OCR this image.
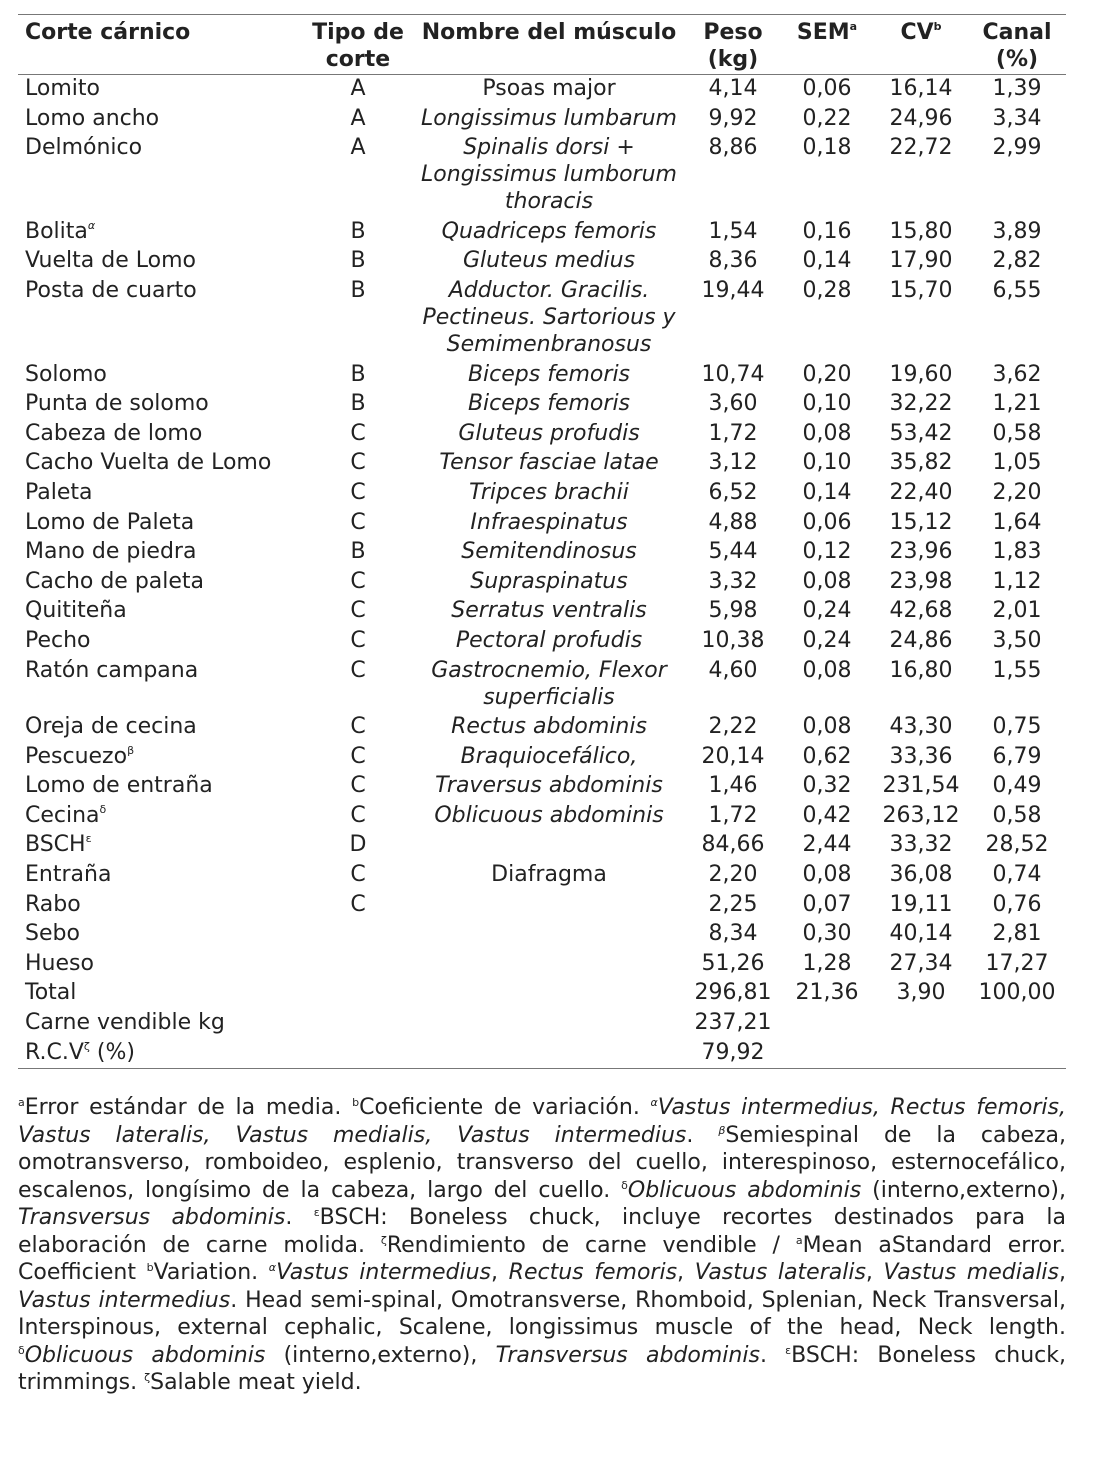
Corte cárnico	Tipo de corte	Nombre del músculo	Peso (kg)	SEM$^a$	$CV^b$	Canal (%)
Lomito	A	Psoas major	4,14	0,06	16,14	1,39
Lomo ancho	A	Longissimus lumbarum	9,92	0,22	24,96	3,34
Delmónico	A	Spinalis dorsi + Longissimus lumborum thoracis	8,86	0,18	22,72	2,99
Bolita$^\alpha$	B	Quadriceps femoris	1,54	0,16	15,80	3,89
Vuelta de Lomo	B	Gluteus medius	8,36	0,14	17,90	2,82
Posta de cuarto	B	Adductor. Gracilis. Pectineus. Sartorious y Semimenbranosus	19,44	0,28	15,70	6,55
Solomo	B	Biceps femoris	10,74	0,20	19,60	3,62
Punta de solomo	B	Biceps femoris	3,60	0,10	32,22	1,21
Cabeza de lomo	C	Gluteus profudis	1,72	0,08	53,42	0,58
Cacho Vuelta de Lomo	C	Tensor fasciae latae	3,12	0,10	35,82	1,05
Paleta	C	Tripces brachii	6,52	0,14	22,40	2,20
Lomo de Paleta	C	Infraespinatus	4,88	0,06	15,12	1,64
Mano de piedra	B	Semitendinosus	5,44	0,12	23,96	1,83
Cacho de paleta	C	Supraspinatus	3,32	0,08	23,98	1,12
Quititeña	C	Serratus ventralis	5,98	0,24	42,68	2,01
Pecho	C	Pectoral profudis	10,38	0,24	24,86	3,50
Ratón campana	C	Gastrocnemio, Flexor superficialis	4,60	0,08	16,80	1,55
Oreja de cecina	C	Rectus abdominis	2,22	0,08	43,30	0,75
Pescuezo$^\beta$	C	Braquiocefálico,	20,14	0,62	33,36	6,79
Lomo de entraña	C	Traversus abdominis	1,46	0,32	231,54	0,49
Cecina$^\delta$	C	Oblicuous abdominis	1,72	0,42	263,12	0,58
$BSCH^\varepsilon$	D		84,66	2,44	33,32	28,52
Entraña	C	Diafragma	2,20	0,08	36,08	0,74
Rabo	C		2,25	0,07	19,11	0,76
Sebo			8,34	0,30	40,14	2,81
Hueso			51,26	1,28	27,34	17,27
Total			296,81	21,36	3,90	100,00
Carne vendible kg			237,21			
$R.C.V^\zeta$ (%)			79,92			
$^a$Error estándar de la media. $^b$Coeficiente de variación. $^\alpha$Vastus intermedius, Rectus femoris, Vastus lateralis, Vastus medialis, Vastus intermedius. $^\beta$Semiespinal de la cabeza, omotransverso, romboideo, esplenio, transverso del cuello, interespinoso, esternocefálico, escalenos, longísimo de la cabeza, largo del cuello. $^\delta$Oblicuous abdominis (interno,externo), Transversus abdominis. $^\varepsilon$BSCH: Boneless chuck, incluye recortes destinados para la elaboración de carne molida. $^\zeta$Rendimiento de carne vendible / $^a$Mean aStandard error. Coefficient $^b$Variation. $^\alpha$Vastus intermedius, Rectus femoris, Vastus lateralis, Vastus medialis, Vastus intermedius. Head semi-spinal, Omotransverse, Rhomboid, Splenian, Neck Transversal, Interspinous, external cephalic, Scalene, longissimus muscle of the head, Neck length. $^\delta$Oblicuous abdominis (interno,externo), Transversus abdominis. $^\varepsilon$BSCH: Boneless chuck, trimmings. $^\zeta$Salable meat yield.
